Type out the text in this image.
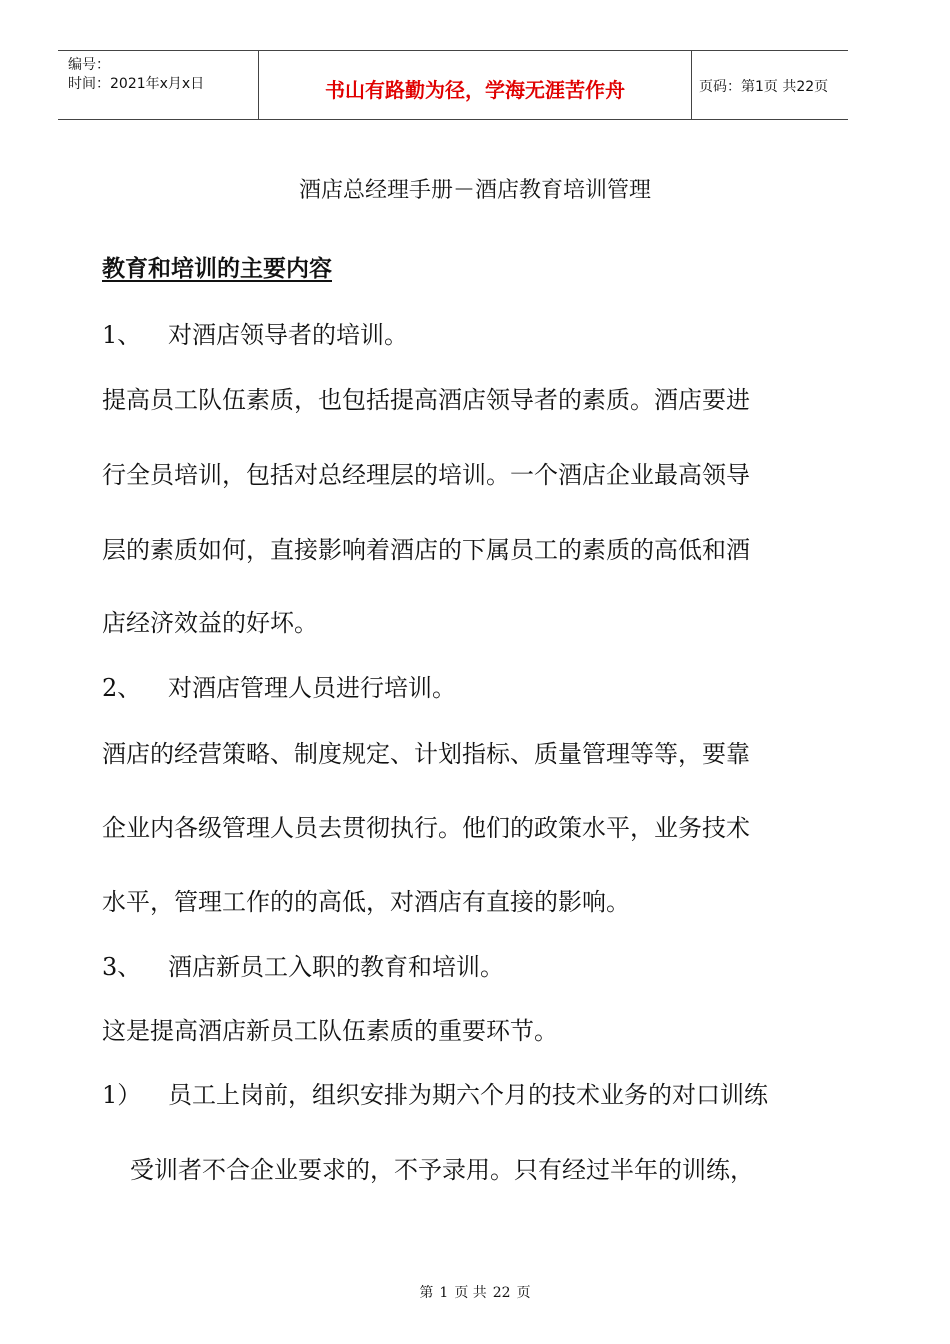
编号：
时间：2021年x月x日	书山有路勤为径，学海无涯苦作舟	页码：第1页 共22页
酒店总经理手册－酒店教育培训管理
教育和培训的主要内容
1、 对酒店领导者的培训。
提高员工队伍素质，也包括提高酒店领导者的素质。酒店要进
行全员培训，包括对总经理层的培训。一个酒店企业最高领导
层的素质如何，直接影响着酒店的下属员工的素质的高低和酒
店经济效益的好坏。
2、 对酒店管理人员进行培训。
酒店的经营策略、制度规定、计划指标、质量管理等等，要靠
企业内各级管理人员去贯彻执行。他们的政策水平，业务技术
水平，管理工作的的高低，对酒店有直接的影响。
3、 酒店新员工入职的教育和培训。
这是提高酒店新员工队伍素质的重要环节。
1） 员工上岗前，组织安排为期六个月的技术业务的对口训练
受训者不合企业要求的，不予录用。只有经过半年的训练，
第 1 页 共 22 页
